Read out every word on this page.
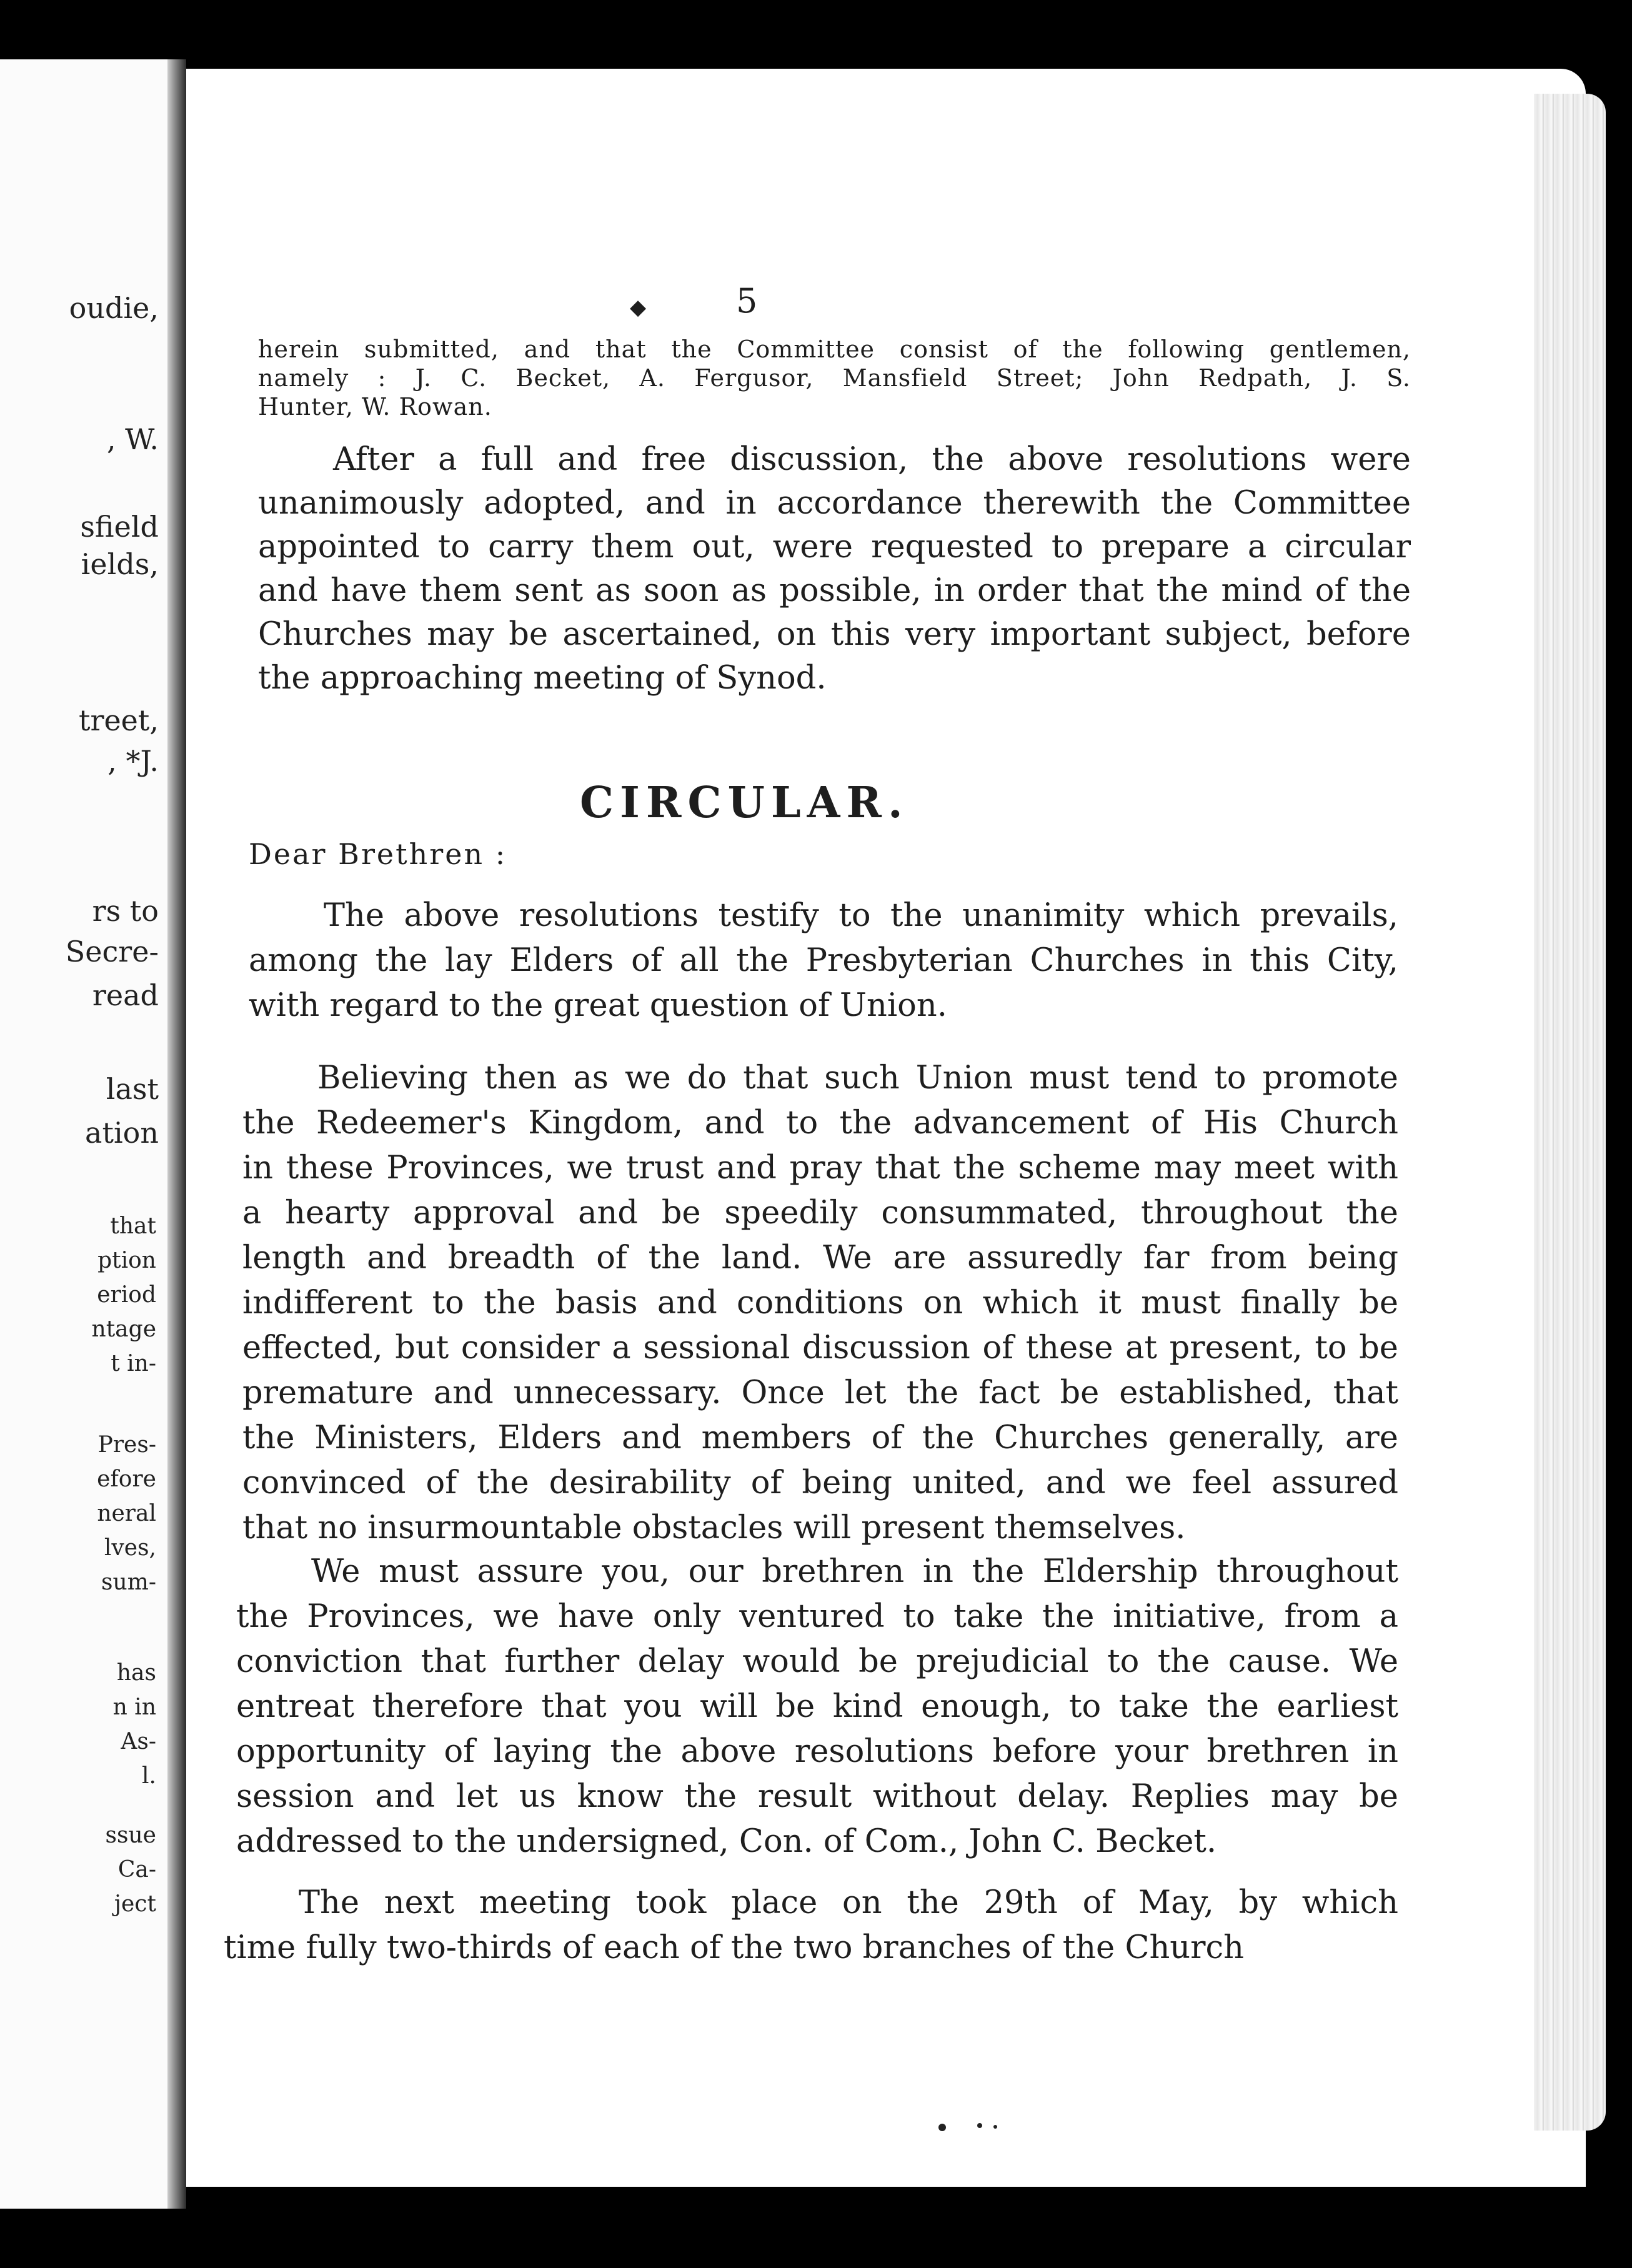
oudie,
, W.
sfield
ields,
treet,
, *J.
rs to
Secre-
read
last
ation
that
ption
eriod
ntage
t in-
Pres-
efore
neral
lves,
sum-
has
n in
As-
l.
ssue
Ca-
ject
◆	5
herein submitted, and that the Committee consist of the following gentlemen,
namely : J. C. Becket, A. Fergusor, Mansfield Street; John Redpath, J. S.
Hunter, W. Rowan.
After a full and free discussion, the above resolutions were
unanimously adopted, and in accordance therewith the Committee
appointed to carry them out, were requested to prepare a circular
and have them sent as soon as possible, in order that the mind of the
Churches may be ascertained, on this very important subject, before
the approaching meeting of Synod.
CIRCULAR.
Dear Brethren :
The above resolutions testify to the unanimity which prevails,
among the lay Elders of all the Presbyterian Churches in this City,
with regard to the great question of Union.
Believing then as we do that such Union must tend to promote
the Redeemer's Kingdom, and to the advancement of His Church
in these Provinces, we trust and pray that the scheme may meet with
a hearty approval and be speedily consummated, throughout the
length and breadth of the land. We are assuredly far from being
indifferent to the basis and conditions on which it must finally be
effected, but consider a sessional discussion of these at present, to be
premature and unnecessary. Once let the fact be established, that
the Ministers, Elders and members of the Churches generally, are
convinced of the desirability of being united, and we feel assured
that no insurmountable obstacles will present themselves.
We must assure you, our brethren in the Eldership throughout
the Provinces, we have only ventured to take the initiative, from a
conviction that further delay would be prejudicial to the cause. We
entreat therefore that you will be kind enough, to take the earliest
opportunity of laying the above resolutions before your brethren in
session and let us know the result without delay. Replies may be
addressed to the undersigned, Con. of Com., John C. Becket.
The next meeting took place on the 29th of May, by which
time fully two-thirds of each of the two branches of the Church
